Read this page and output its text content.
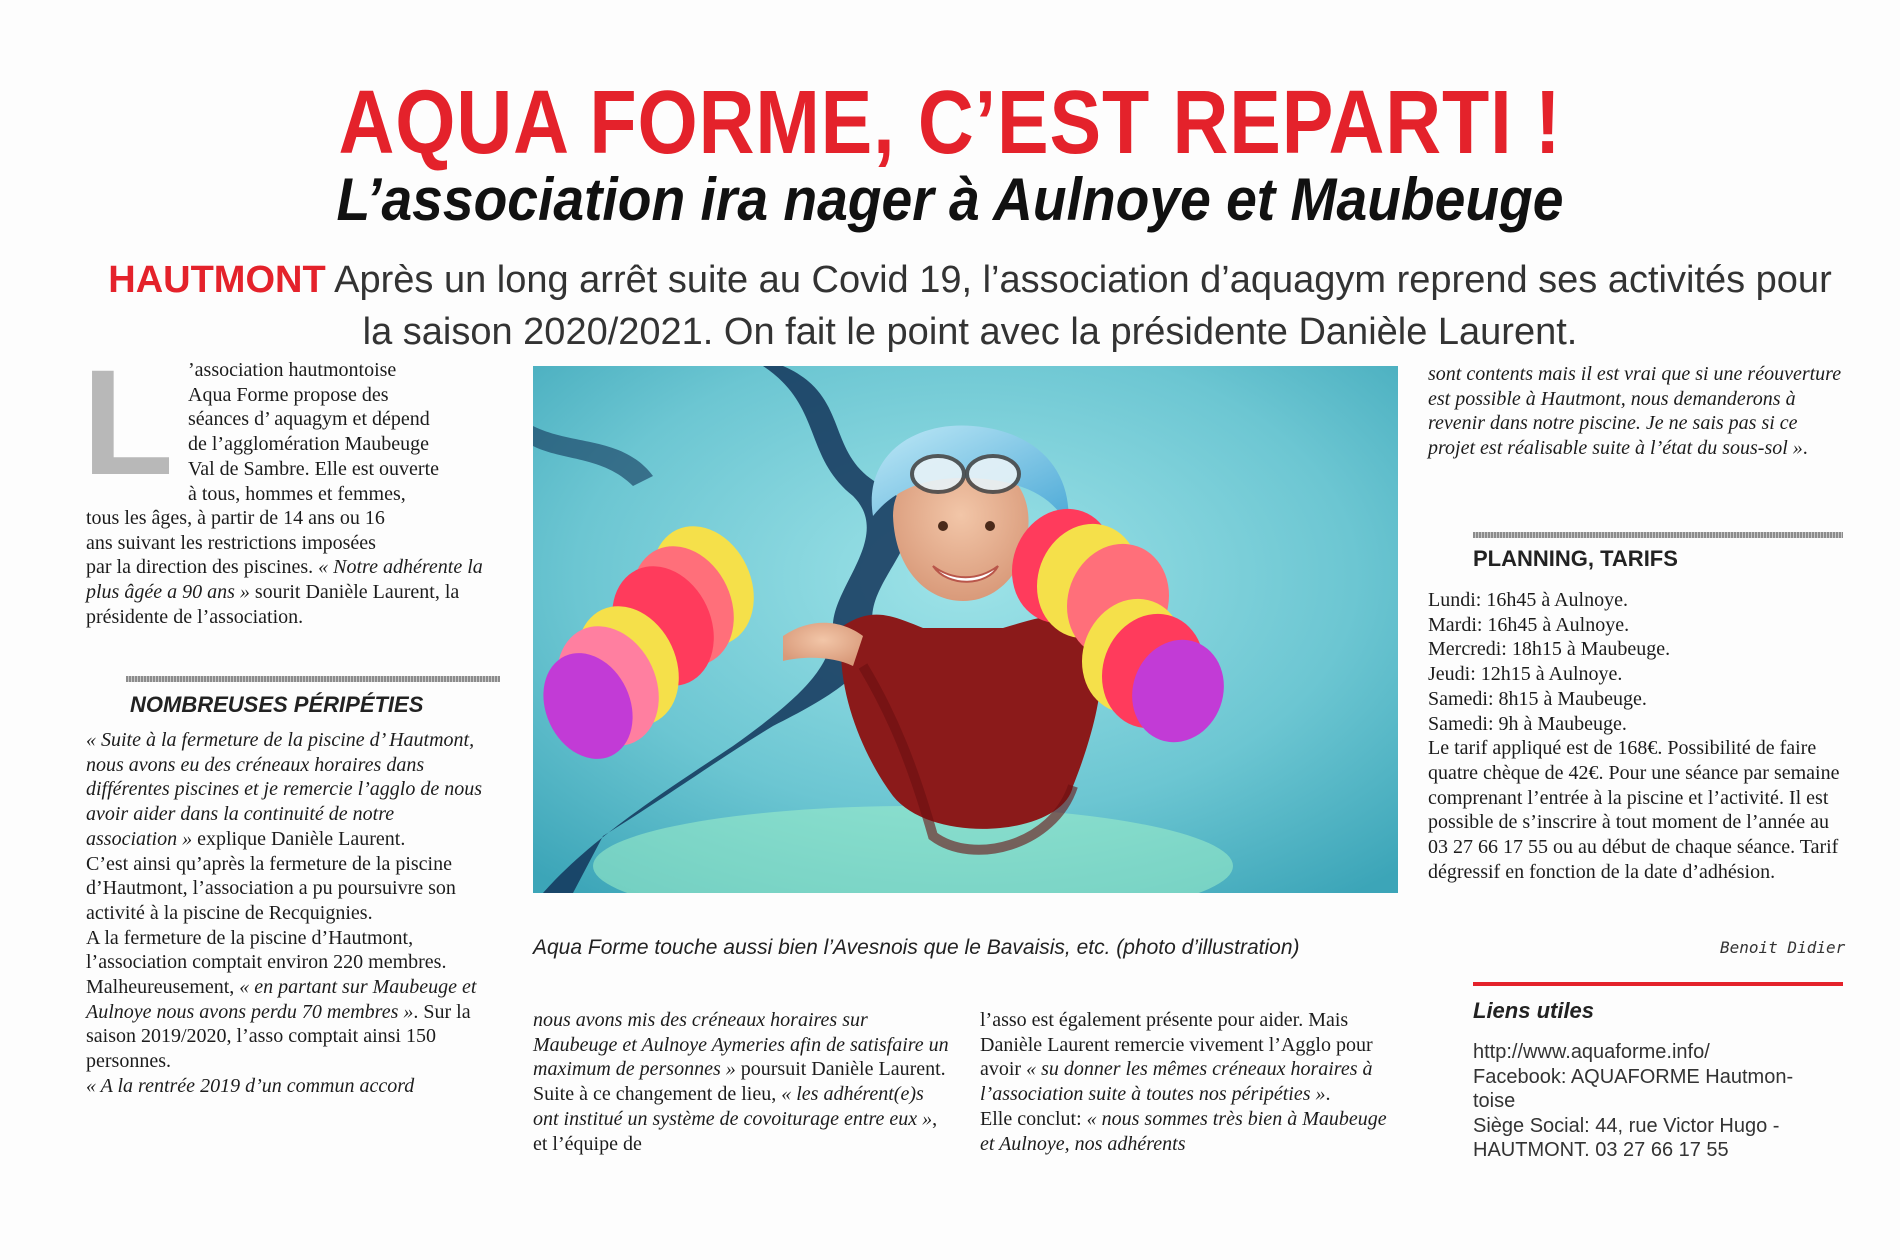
AQUA FORME, C’EST REPARTI !
L’association ira nager à Aulnoye et Maubeuge

HAUTMONT Après un long arrêt suite au Covid 19, l’association d’aquagym reprend ses activités pour la saison 2020/2021. On fait le point avec la présidente Danièle Laurent.

L ’association hautmontoise

Aqua Forme propose des

séances d’ aquagym et dépend

de l’agglomération Maubeuge

Val de Sambre. Elle est ouverte

à tous, hommes et femmes,

tous les âges, à partir de 14 ans ou 16

ans suivant les restrictions imposées

par la direction des piscines. « Notre adhérente la plus âgée a 90 ans » sourit Danièle Laurent, la présidente de l’association.

NOMBREUSES PÉRIPÉTIES

« Suite à la fermeture de la piscine d’ Hautmont, nous avons eu des créneaux horaires dans différentes piscines et je remercie l’agglo de nous avoir aider dans la continuité de notre association » explique Danièle Laurent.

C’est ainsi qu’après la fermeture de la piscine d’Hautmont, l’association a pu poursuivre son activité à la piscine de Recquignies.

A la fermeture de la piscine d’Hautmont, l’association comptait environ 220 membres. Malheureusement, « en partant sur Maubeuge et Aulnoye nous avons perdu 70 membres ». Sur la saison 2019/2020, l’asso comptait ainsi 150 personnes.

« A la rentrée 2019 d’un commun accord

Aqua Forme touche aussi bien l’Avesnois que le Bavaisis, etc. (photo d’illustration)

nous avons mis des créneaux horaires sur Maubeuge et Aulnoye Aymeries afin de satisfaire un maximum de personnes » poursuit Danièle Laurent.

Suite à ce changement de lieu, « les adhérent(e)s ont institué un système de covoiturage entre eux », et l’équipe de

l’asso est également présente pour aider. Mais Danièle Laurent remercie vivement l’Agglo pour avoir « su donner les mêmes créneaux horaires à l’association suite à toutes nos péripéties ».

Elle conclut: « nous sommes très bien à Maubeuge et Aulnoye, nos adhérents

sont contents mais il est vrai que si une réouverture est possible à Hautmont, nous demanderons à revenir dans notre piscine. Je ne sais pas si ce projet est réalisable suite à l’état du sous-sol ».

PLANNING, TARIFS

Lundi: 16h45 à Aulnoye.

Mardi: 16h45 à Aulnoye.

Mercredi: 18h15 à Maubeuge.

Jeudi: 12h15 à Aulnoye.

Samedi: 8h15 à Maubeuge.

Samedi: 9h à Maubeuge.

Le tarif appliqué est de 168€. Possibilité de faire quatre chèque de 42€. Pour une séance par semaine comprenant l’entrée à la piscine et l’activité. Il est possible de s’inscrire à tout moment de l’année au 03 27 66 17 55 ou au début de chaque séance. Tarif dégressif en fonction de la date d’adhésion.

Benoit Didier

Liens utiles

http://www.aquaforme.info/

Facebook: AQUAFORME Hautmon-

toise

Siège Social: 44, rue Victor Hugo -

HAUTMONT. 03 27 66 17 55
